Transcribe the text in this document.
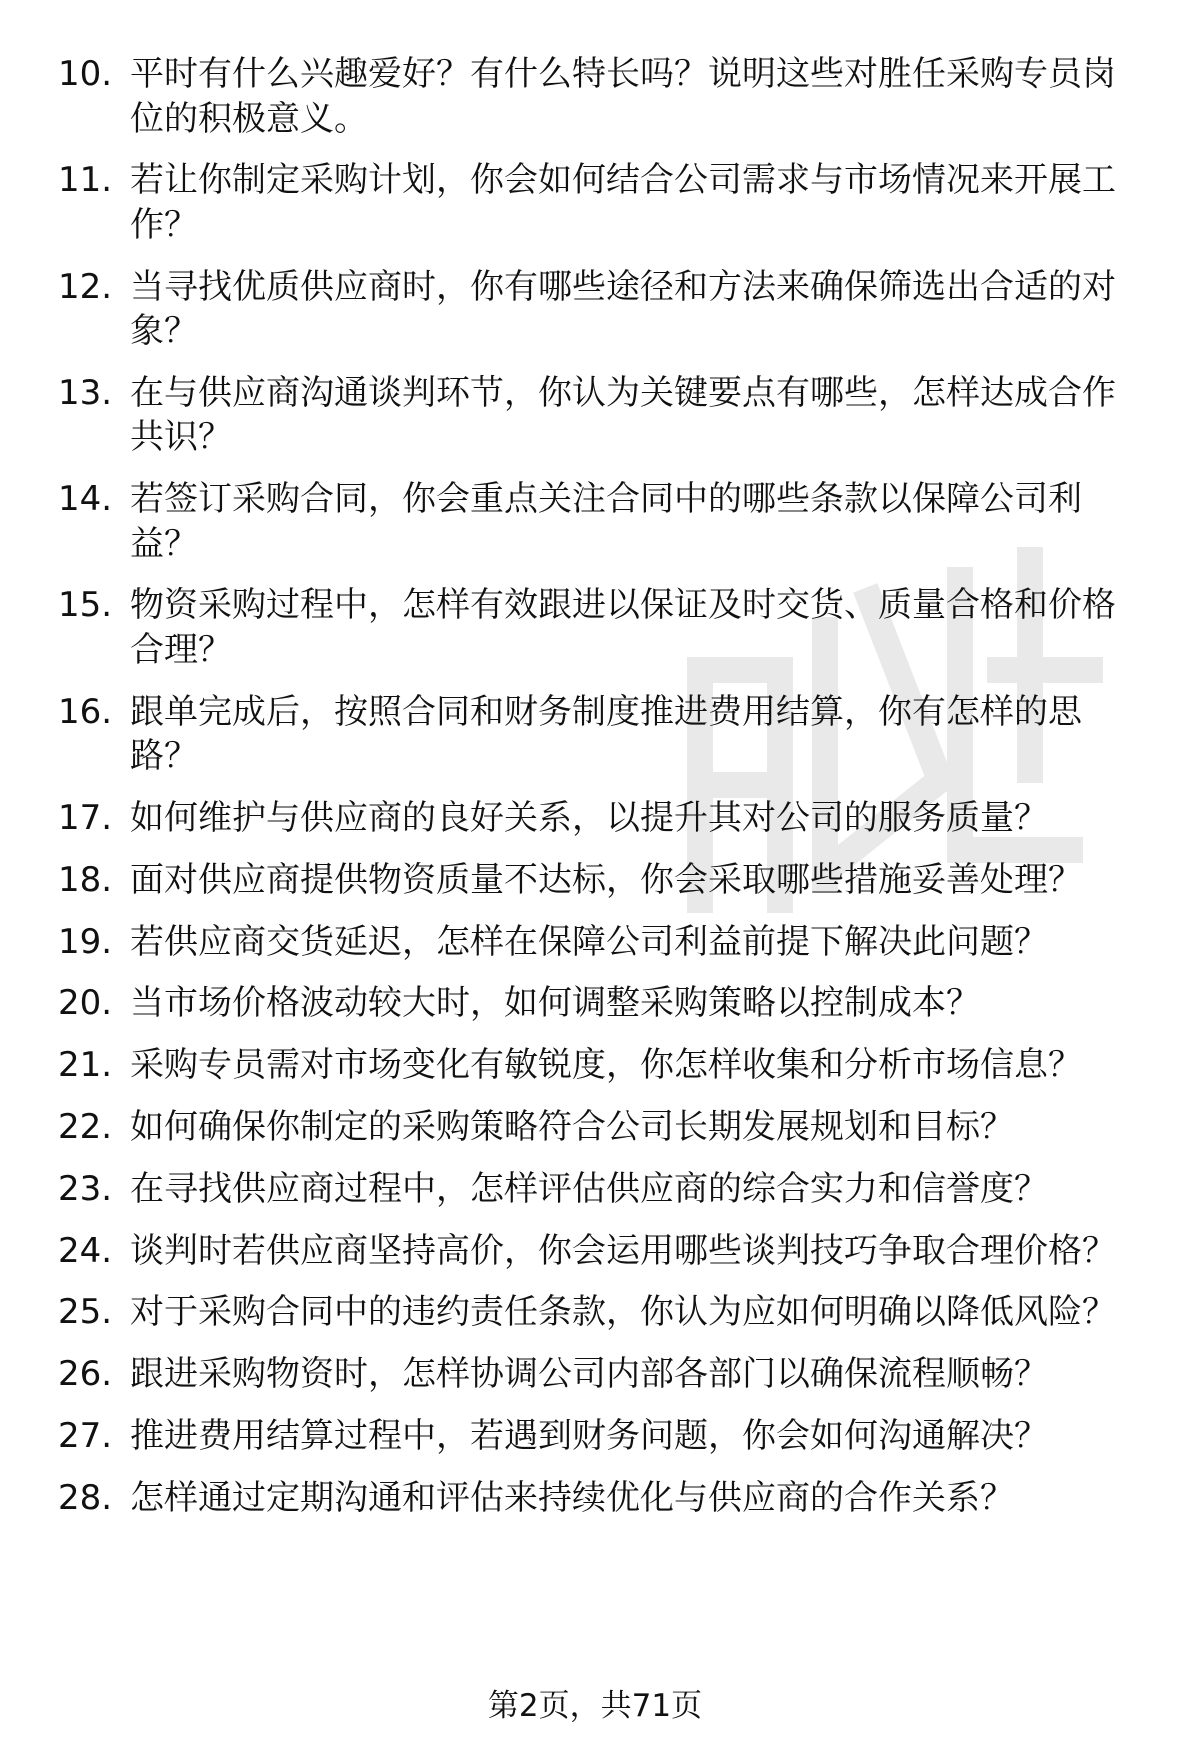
10. 平时有什么兴趣爱好？有什么特长吗？说明这些对胜任采购专员岗位的积极意义。
11. 若让你制定采购计划，你会如何结合公司需求与市场情况来开展工作？
12. 当寻找优质供应商时，你有哪些途径和方法来确保筛选出合适的对象？
13. 在与供应商沟通谈判环节，你认为关键要点有哪些，怎样达成合作共识？
14. 若签订采购合同，你会重点关注合同中的哪些条款以保障公司利益？
15. 物资采购过程中，怎样有效跟进以保证及时交货、质量合格和价格合理？
16. 跟单完成后，按照合同和财务制度推进费用结算，你有怎样的思路？
17. 如何维护与供应商的良好关系，以提升其对公司的服务质量？
18. 面对供应商提供物资质量不达标，你会采取哪些措施妥善处理？
19. 若供应商交货延迟，怎样在保障公司利益前提下解决此问题？
20. 当市场价格波动较大时，如何调整采购策略以控制成本？
21. 采购专员需对市场变化有敏锐度，你怎样收集和分析市场信息？
22. 如何确保你制定的采购策略符合公司长期发展规划和目标？
23. 在寻找供应商过程中，怎样评估供应商的综合实力和信誉度？
24. 谈判时若供应商坚持高价，你会运用哪些谈判技巧争取合理价格？
25. 对于采购合同中的违约责任条款，你认为应如何明确以降低风险？
26. 跟进采购物资时，怎样协调公司内部各部门以确保流程顺畅？
27. 推进费用结算过程中，若遇到财务问题，你会如何沟通解决？
28. 怎样通过定期沟通和评估来持续优化与供应商的合作关系？
第2页，共71页
